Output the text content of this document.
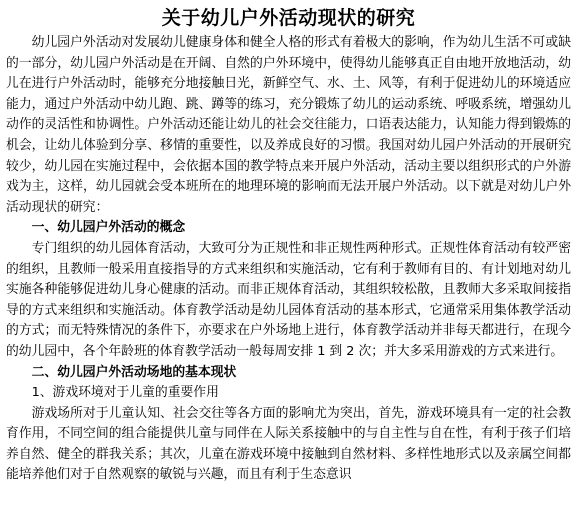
关于幼儿户外活动现状的研究

幼儿园户外活动对发展幼儿健康身体和健全人格的形式有着极大的影响，作为幼儿生活不可或缺的一部分，幼儿园户外活动是在开阔、自然的户外环境中，使得幼儿能够真正自由地开放地活动，幼儿在进行户外活动时，能够充分地接触日光，新鲜空气、水、土、风等，有利于促进幼儿的环境适应能力，通过户外活动中幼儿跑、跳、蹲等的练习，充分锻炼了幼儿的运动系统、呼吸系统，增强幼儿动作的灵活性和协调性。户外活动还能让幼儿的社会交往能力，口语表达能力，认知能力得到锻炼的机会，让幼儿体验到分享、移情的重要性，以及养成良好的习惯。我国对幼儿园户外活动的开展研究较少，幼儿园在实施过程中，会依据本国的教学特点来开展户外活动，活动主要以组织形式的户外游戏为主，这样，幼儿园就会受本班所在的地理环境的影响而无法开展户外活动。以下就是对幼儿户外活动现状的研究：

一、幼儿园户外活动的概念

专门组织的幼儿园体育活动，大致可分为正规性和非正规性两种形式。正规性体育活动有较严密的组织，且教师一般采用直接指导的方式来组织和实施活动，它有利于教师有目的、有计划地对幼儿实施各种能够促进幼儿身心健康的活动。而非正规体育活动，其组织较松散，且教师大多采取间接指导的方式来组织和实施活动。体育教学活动是幼儿园体育活动的基本形式，它通常采用集体教学活动的方式；而无特殊情况的条件下，亦要求在户外场地上进行，体育教学活动并非每天都进行，在现今的幼儿园中，各个年龄班的体育教学活动一般每周安排 1 到 2 次；并大多采用游戏的方式来进行。

二、幼儿园户外活动场地的基本现状

1、游戏环境对于儿童的重要作用

游戏场所对于儿童认知、社会交往等各方面的影响尤为突出，首先，游戏环境具有一定的社会教育作用，不同空间的组合能提供儿童与同伴在人际关系接触中的与自主性与自在性，有利于孩子们培养自然、健全的群我关系；其次，儿童在游戏环境中接触到自然材料、多样性地形式以及亲属空间都能培养他们对于自然观察的敏锐与兴趣，而且有利于生态意识
